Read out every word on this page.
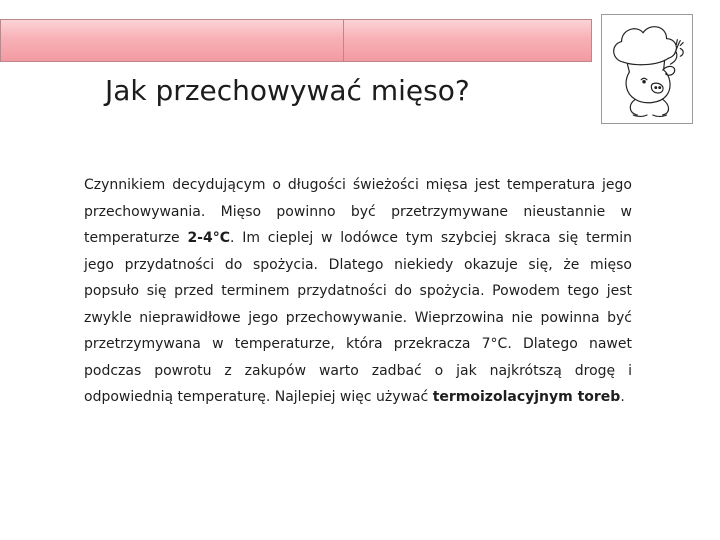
Jak przechowywać mięso?

Czynnikiem decydującym o długości świeżości mięsa jest temperatura jego przechowywania. Mięso powinno być przetrzymywane nieustannie w temperaturze 2-4°C. Im cieplej w lodówce tym szybciej skraca się termin jego przydatności do spożycia. Dlatego niekiedy okazuje się, że mięso popsuło się przed terminem przydatności do spożycia. Powodem tego jest zwykle nieprawidłowe jego przechowywanie. Wieprzowina nie powinna być przetrzymywana w temperaturze, która przekracza 7°C. Dlatego nawet podczas powrotu z zakupów warto zadbać o jak najkrótszą drogę i odpowiednią temperaturę. Najlepiej więc używać termoizolacyjnym toreb.
